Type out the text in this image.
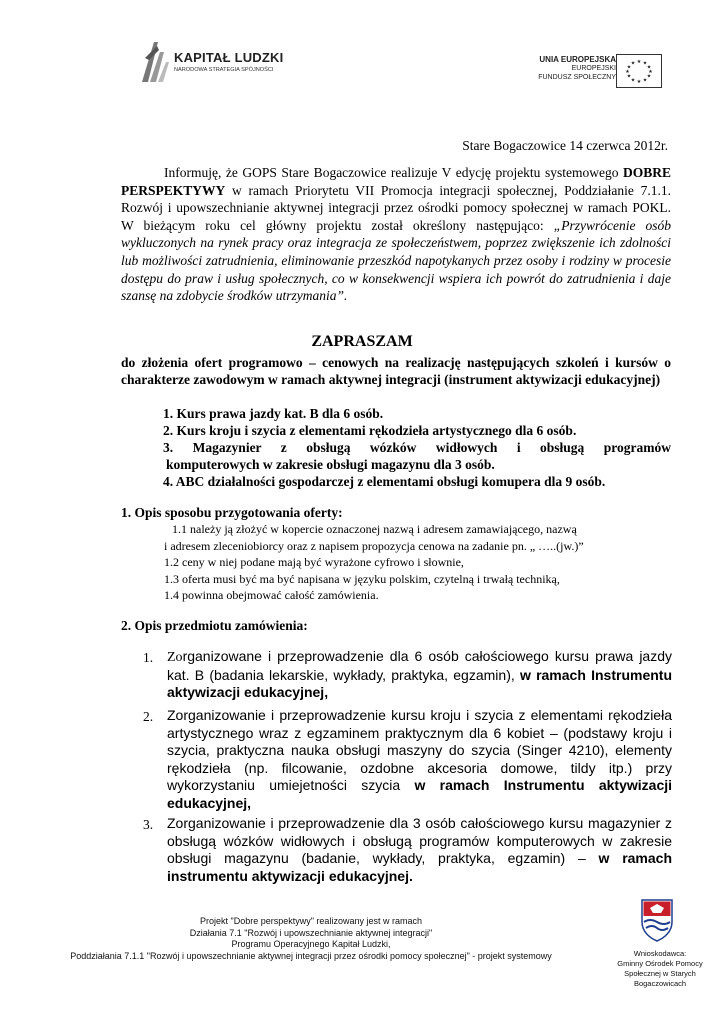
KAPITAŁ LUDZKI
NARODOWA STRATEGIA SPÓJNOŚCI
UNIA EUROPEJSKA
EUROPEJSKI
FUNDUSZ SPOŁECZNY
★ ★
★
★
★
★
★
★
★
★
★
★
Stare Bogaczowice 14 czerwca 2012r.
Informuję, że GOPS Stare Bogaczowice realizuje V edycję projektu systemowego DOBRE PERSPEKTYWY w ramach Priorytetu VII Promocja integracji społecznej, Poddziałanie 7.1.1. Rozwój i upowszechnianie aktywnej integracji przez ośrodki pomocy społecznej w ramach POKL. W bieżącym roku cel główny projektu został określony następująco: „Przywrócenie osób wykluczonych na rynek pracy oraz integracja ze społeczeństwem, poprzez zwiększenie ich zdolności lub możliwości zatrudnienia, eliminowanie przeszkód napotykanych przez osoby i rodziny w procesie dostępu do praw i usług społecznych, co w konsekwencji wspiera ich powrót do zatrudnienia i daje szansę na zdobycie środków utrzymania”.
ZAPRASZAM
do złożenia ofert programowo – cenowych na realizację następujących szkoleń i kursów o charakterze zawodowym w ramach aktywnej integracji (instrument aktywizacji edukacyjnej)
1. Kurs prawa jazdy kat. B dla 6 osób.
2. Kurs kroju i szycia z elementami rękodzieła artystycznego dla 6 osób.
3. Magazynier z obsługą wózków widłowych i obsługą programów
komputerowych w zakresie obsługi magazynu dla 3 osób.
4. ABC działalności gospodarczej z elementami obsługi komupera dla 9 osób.
1. Opis sposobu przygotowania oferty:
1.1 należy ją złożyć w kopercie oznaczonej nazwą i adresem zamawiającego, nazwą
i adresem zleceniobiorcy oraz z napisem propozycja cenowa na zadanie pn. „ …..(jw.)”
1.2 ceny w niej podane mają być wyrażone cyfrowo i słownie,
1.3 oferta musi być ma być napisana w języku polskim, czytelną i trwałą techniką,
1.4 powinna obejmować całość zamówienia.
2. Opis przedmiotu zamówienia:
1. Zorganizowane i przeprowadzenie dla 6 osób całościowego kursu prawa jazdy kat. B (badania lekarskie, wykłady, praktyka, egzamin), w ramach Instrumentu aktywizacji edukacyjnej,
2. Zorganizowanie i przeprowadzenie kursu kroju i szycia z elementami rękodzieła artystycznego wraz z egzaminem praktycznym dla 6 kobiet – (podstawy kroju i szycia, praktyczna nauka obsługi maszyny do szycia (Singer 4210), elementy rękodzieła (np. filcowanie, ozdobne akcesoria domowe, tildy itp.) przy wykorzystaniu umiejetności szycia w ramach Instrumentu aktywizacji edukacyjnej,
3. Zorganizowanie i przeprowadzenie dla 3 osób całościowego kursu magazynier z obsługą wózków widłowych i obsługą programów komputerowych w zakresie obsługi magazynu (badanie, wykłady, praktyka, egzamin) – w ramach instrumentu aktywizacji edukacyjnej.
Projekt "Dobre perspektywy" realizowany jest w ramach
Działania 7.1 "Rozwój i upowszechnianie aktywnej integracji"
Programu Operacyjnego Kapitał Ludzki,
Poddziałania 7.1.1 "Rozwój i upowszechnianie aktywnej integracji przez ośrodki pomocy społecznej" - projekt systemowy	Wnioskodawca:
Gminny Ośrodek Pomocy
Społecznej w Starych
Bogaczowicach
